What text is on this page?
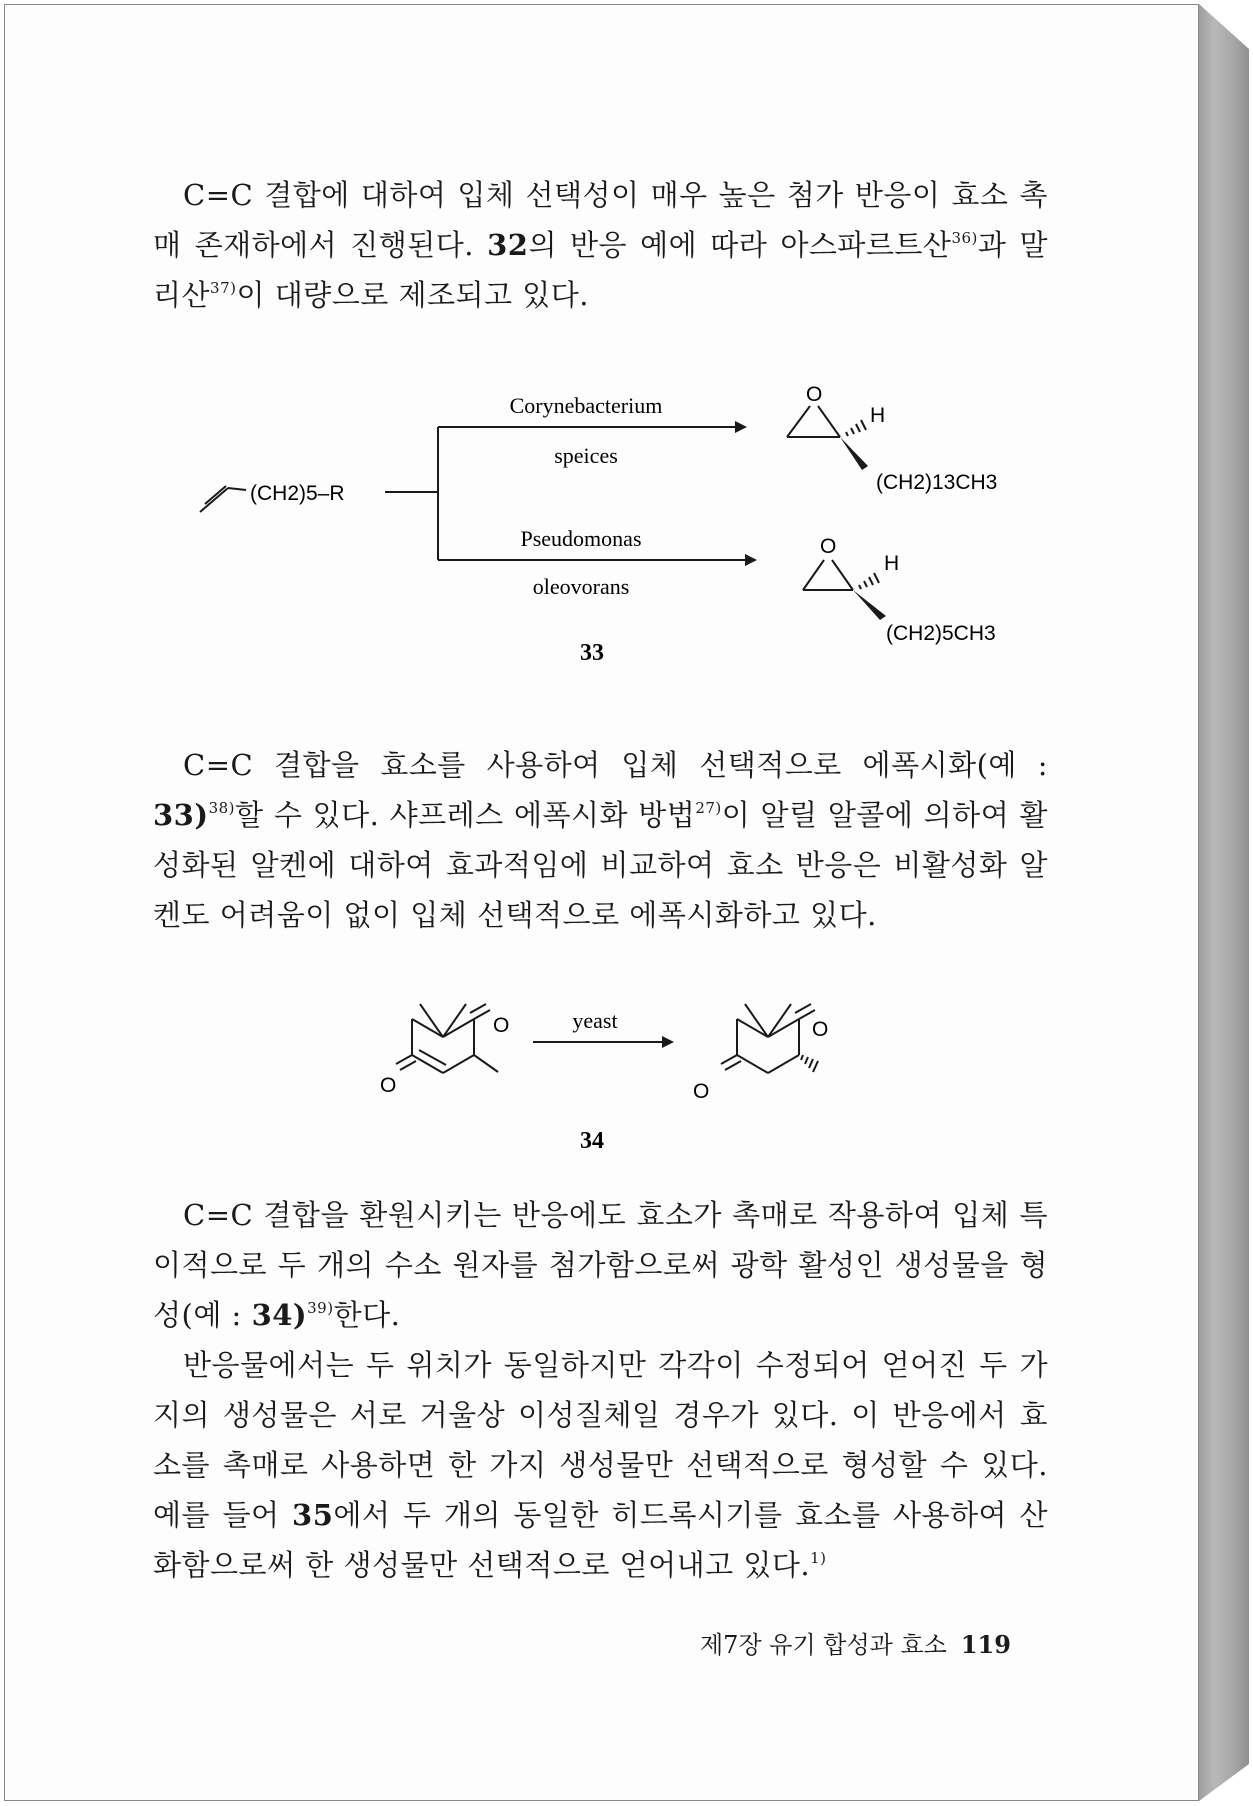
C=C 결합에 대하여 입체 선택성이 매우 높은 첨가 반응이 효소 촉매 존재하에서 진행된다. 32의 반응 예에 따라 아스파르트산$^{36)}$과 말리산$^{37)}$이 대량으로 제조되고 있다.

(CH2)5–R
Corynebacterium
speices
Pseudomonas
oleovorans
O
H
(CH2)13CH3
O
H
(CH2)5CH3
33
yeast
O
O
O
O
34

C=C 결합을 효소를 사용하여 입체 선택적으로 에폭시화(예 : 33)$^{38)}$할 수 있다. 샤프레스 에폭시화 방법$^{27)}$이 알릴 알콜에 의하여 활성화된 알켄에 대하여 효과적임에 비교하여 효소 반응은 비활성화 알켄도 어려움이 없이 입체 선택적으로 에폭시화하고 있다.

C=C 결합을 환원시키는 반응에도 효소가 촉매로 작용하여 입체 특이적으로 두 개의 수소 원자를 첨가함으로써 광학 활성인 생성물을 형성(예 : 34)$^{39)}$한다.

반응물에서는 두 위치가 동일하지만 각각이 수정되어 얻어진 두 가지의 생성물은 서로 거울상 이성질체일 경우가 있다. 이 반응에서 효소를 촉매로 사용하면 한 가지 생성물만 선택적으로 형성할 수 있다. 예를 들어 35에서 두 개의 동일한 히드록시기를 효소를 사용하여 산화함으로써 한 생성물만 선택적으로 얻어내고 있다.$^{1)}$

제7장 유기 합성과 효소 119
